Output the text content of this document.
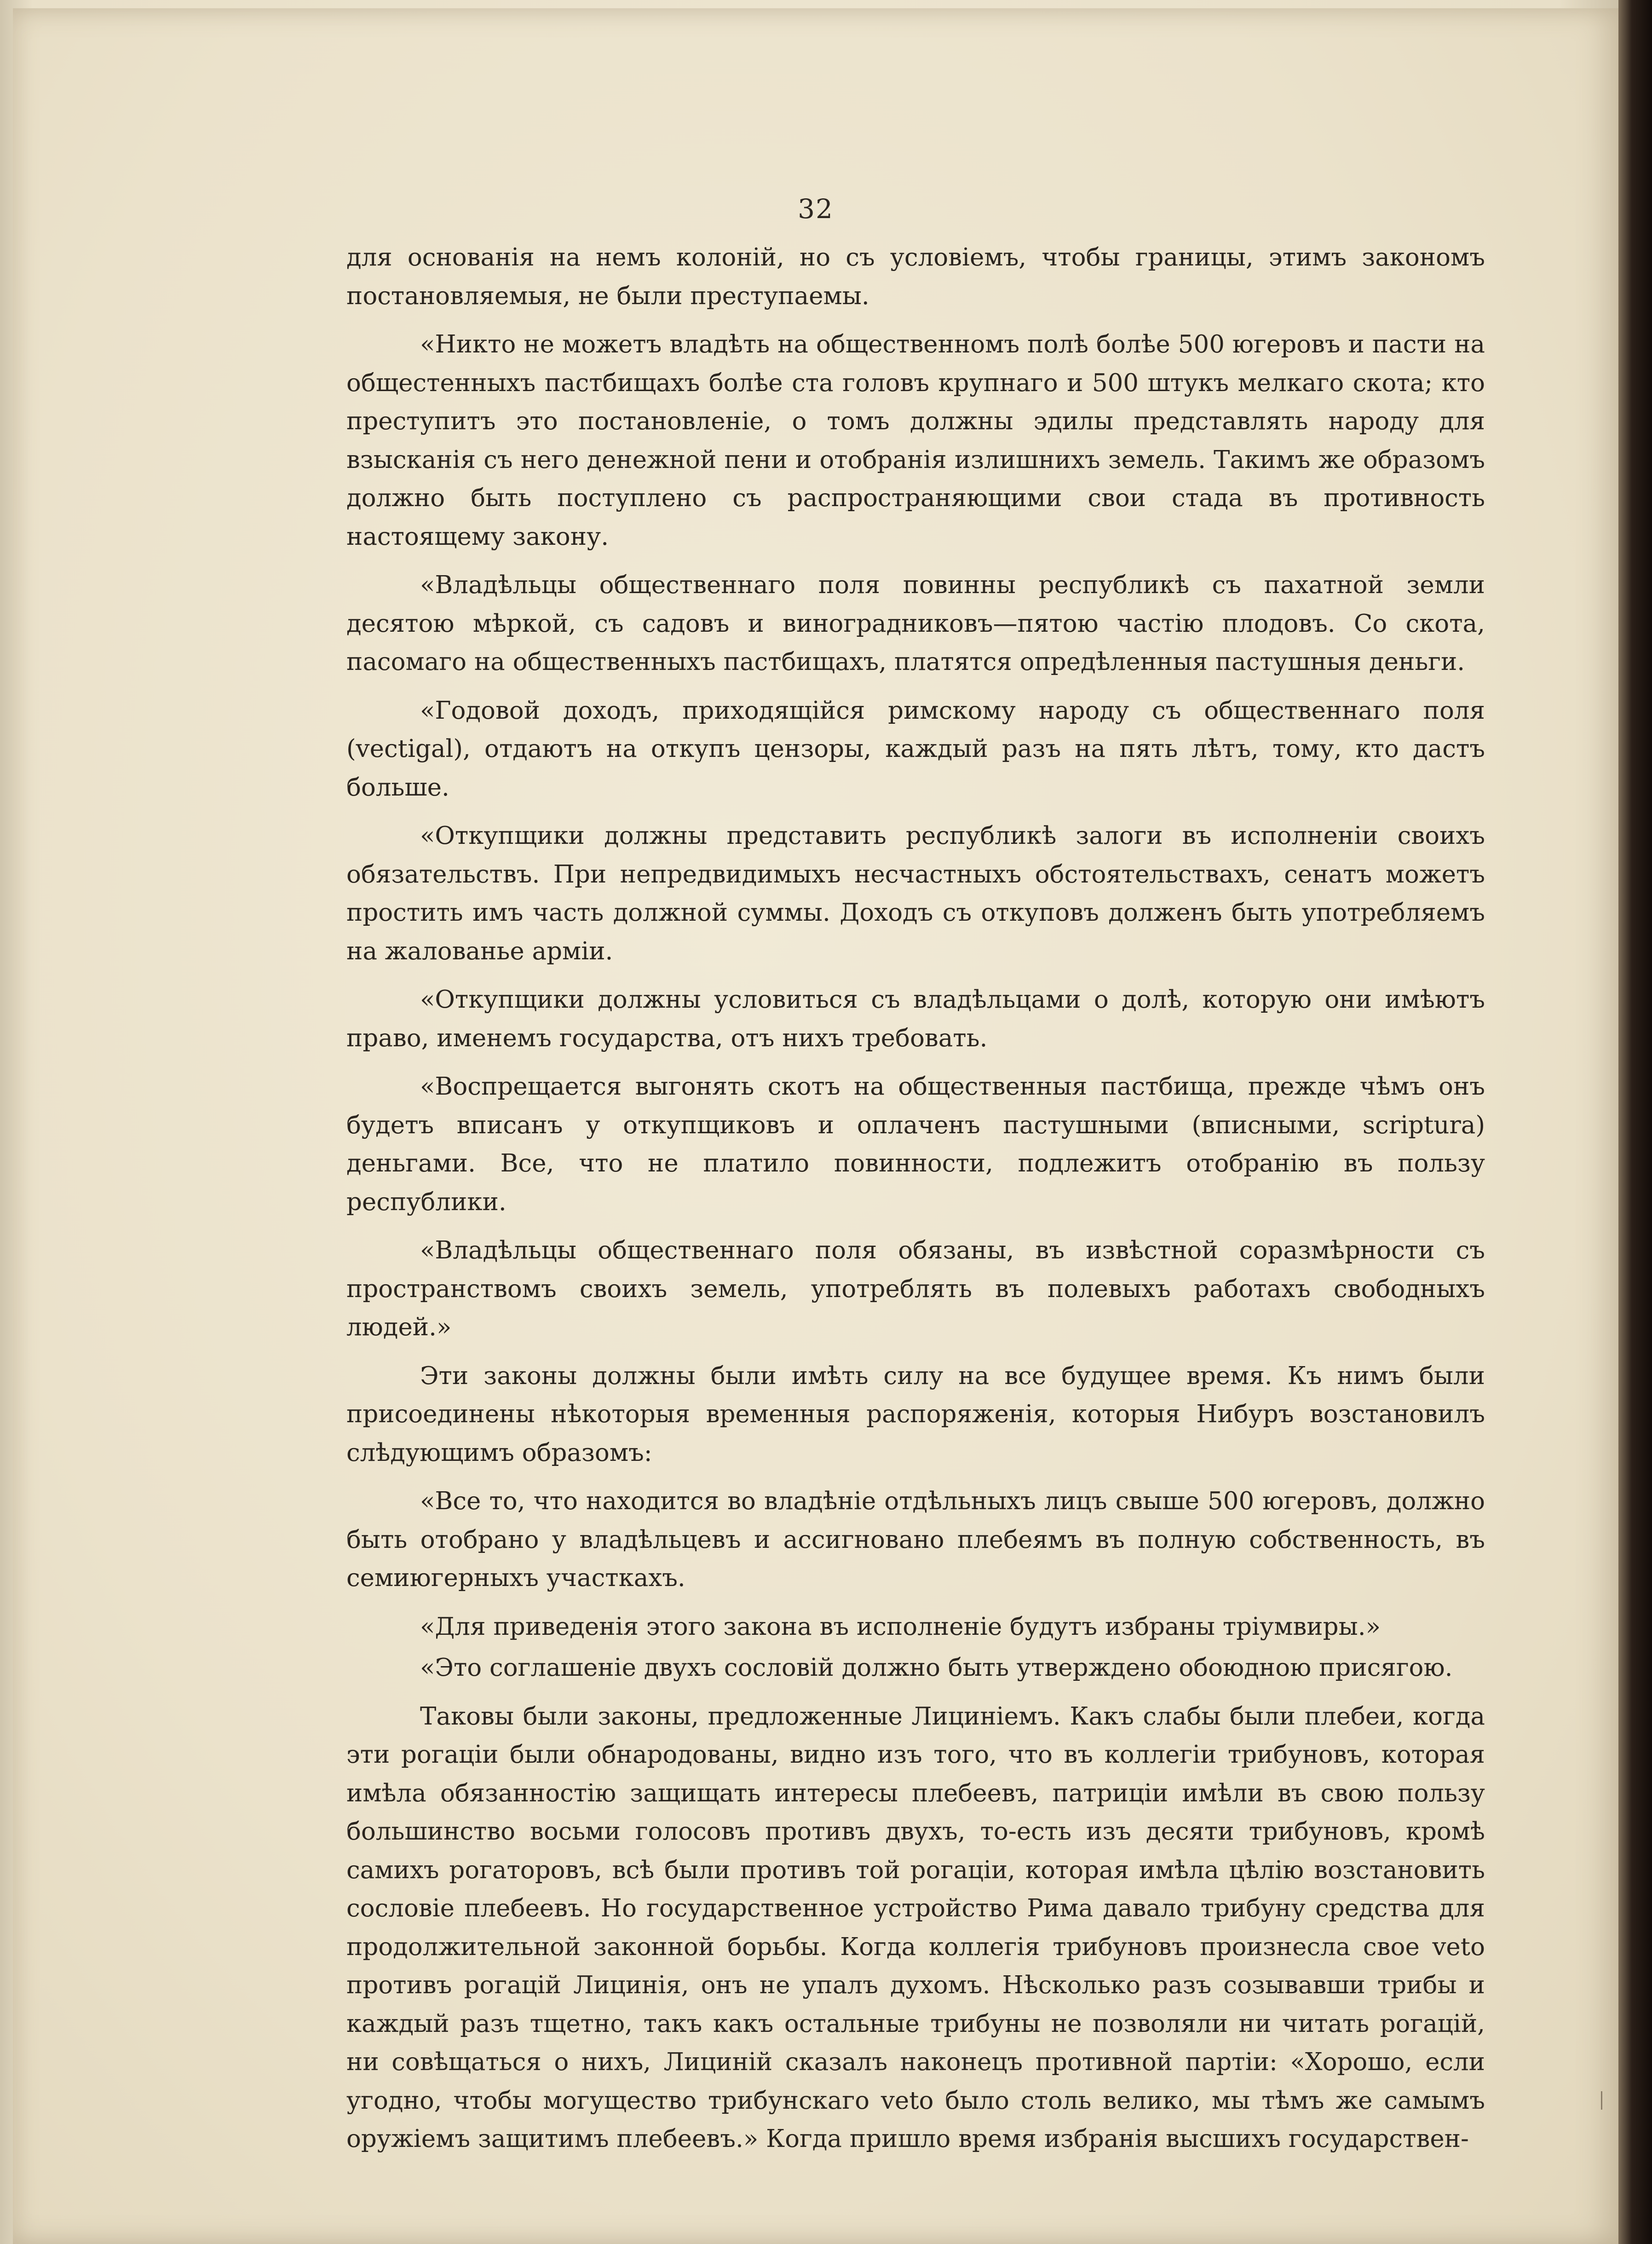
32

для основанія на немъ колоній, но съ условіемъ, чтобы границы, этимъ закономъ постановляемыя, не были преступаемы.

«Никто не можетъ владѣть на общественномъ полѣ болѣе 500 югеровъ и пасти на общестенныхъ пастбищахъ болѣе ста головъ крупнаго и 500 штукъ мелкаго скота; кто преступитъ это постановленіе, о томъ должны эдилы представлять народу для взысканія съ него денежной пени и отобранія излишнихъ земель. Такимъ же образомъ должно быть поступлено съ распространяющими свои стада въ противность настоящему закону.

«Владѣльцы общественнаго поля повинны республикѣ съ пахатной земли десятою мѣркой, съ садовъ и виноградниковъ—пятою частію плодовъ. Со скота, пасомаго на общественныхъ пастбищахъ, платятся опредѣленныя пастушныя деньги.

«Годовой доходъ, приходящійся римскому народу съ общественнаго поля (vectigal), отдаютъ на откупъ цензоры, каждый разъ на пять лѣтъ, тому, кто дастъ больше.

«Откупщики должны представить республикѣ залоги въ исполненіи своихъ обязательствъ. При непредвидимыхъ несчастныхъ обстоятельствахъ, сенатъ можетъ простить имъ часть должной суммы. Доходъ съ откуповъ долженъ быть употребляемъ на жалованье арміи.

«Откупщики должны условиться съ владѣльцами о долѣ, которую они имѣютъ право, именемъ государства, отъ нихъ требовать.

«Воспрещается выгонять скотъ на общественныя пастбища, прежде чѣмъ онъ будетъ вписанъ у откупщиковъ и оплаченъ пастушными (вписными, scriptura) деньгами. Все, что не платило повинности, подлежитъ отобранію въ пользу республики.

«Владѣльцы общественнаго поля обязаны, въ извѣстной соразмѣрности съ пространствомъ своихъ земель, употреблять въ полевыхъ работахъ свободныхъ людей.»

Эти законы должны были имѣть силу на все будущее время. Къ нимъ были присоединены нѣкоторыя временныя распоряженія, которыя Нибуръ возстановилъ слѣдующимъ образомъ:

«Все то, что находится во владѣніе отдѣльныхъ лицъ свыше 500 югеровъ, должно быть отобрано у владѣльцевъ и ассигновано плебеямъ въ полную собственность, въ семиюгерныхъ участкахъ.

«Для приведенія этого закона въ исполненіе будутъ избраны тріумвиры.»

«Это соглашеніе двухъ сословій должно быть утверждено обоюдною присягою.

Таковы были законы, предложенные Лициніемъ. Какъ слабы были плебеи, когда эти рогаціи были обнародованы, видно изъ того, что въ коллегіи трибуновъ, которая имѣла обязанностію защищать интересы плебеевъ, патриціи имѣли въ свою пользу большинство восьми голосовъ противъ двухъ, то-есть изъ десяти трибуновъ, кромѣ самихъ рогаторовъ, всѣ были противъ той рогаціи, которая имѣла цѣлію возстановить сословіе плебеевъ. Но государственное устройство Рима давало трибуну средства для продолжительной законной борьбы. Когда коллегія трибуновъ произнесла свое veto противъ рогацій Лицинія, онъ не упалъ духомъ. Нѣсколько разъ созывавши трибы и каждый разъ тщетно, такъ какъ остальные трибуны не позволяли ни читать рогацій, ни совѣщаться о нихъ, Лициній сказалъ наконецъ противной партіи: «Хорошо, если угодно, чтобы могущество трибунскаго veto было столь велико, мы тѣмъ же самымъ оружіемъ защитимъ плебеевъ.» Когда пришло время избранія высшихъ государствен-
